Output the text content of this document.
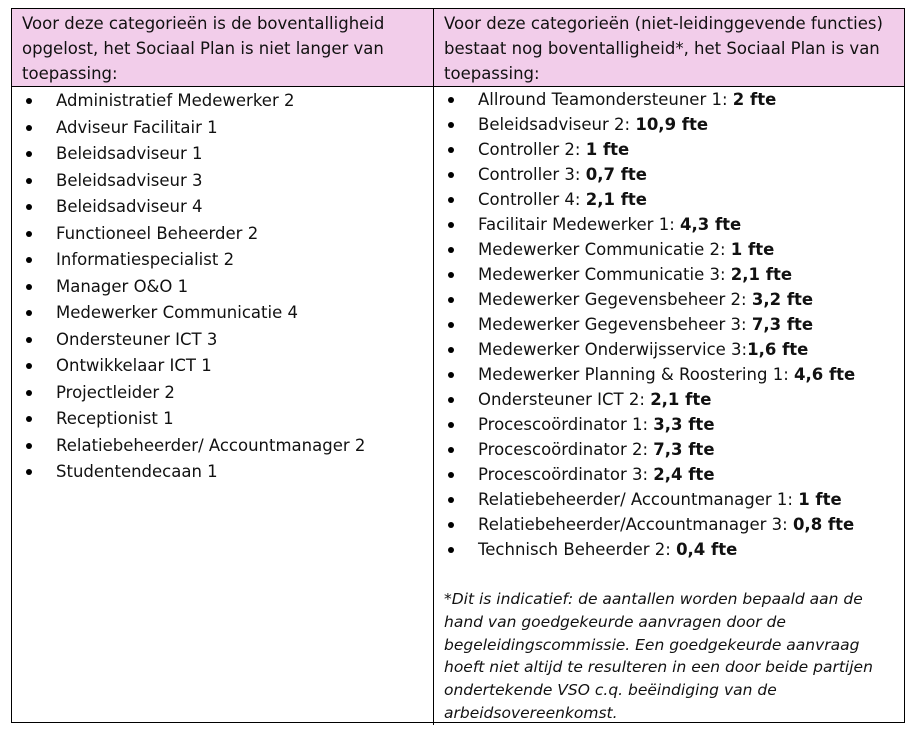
Voor deze categorieën is de boventalligheid opgelost, het Sociaal Plan is niet langer van toepassing:
Voor deze categorieën (niet-leidinggevende functies) bestaat nog boventalligheid*, het Sociaal Plan is van toepassing:
Administratief Medewerker 2
Adviseur Facilitair 1
Beleidsadviseur 1
Beleidsadviseur 3
Beleidsadviseur 4
Functioneel Beheerder 2
Informatiespecialist 2
Manager O&O 1
Medewerker Communicatie 4
Ondersteuner ICT 3
Ontwikkelaar ICT 1
Projectleider 2
Receptionist 1
Relatiebeheerder/ Accountmanager 2
Studentendecaan 1
Allround Teamondersteuner 1: 2 fte
Beleidsadviseur 2: 10,9 fte
Controller 2: 1 fte
Controller 3: 0,7 fte
Controller 4: 2,1 fte
Facilitair Medewerker 1: 4,3 fte
Medewerker Communicatie 2: 1 fte
Medewerker Communicatie 3: 2,1 fte
Medewerker Gegevensbeheer 2: 3,2 fte
Medewerker Gegevensbeheer 3: 7,3 fte
Medewerker Onderwijsservice 3:1,6 fte
Medewerker Planning & Roostering 1: 4,6 fte
Ondersteuner ICT 2: 2,1 fte
Procescoördinator 1: 3,3 fte
Procescoördinator 2: 7,3 fte
Procescoördinator 3: 2,4 fte
Relatiebeheerder/ Accountmanager 1: 1 fte
Relatiebeheerder/Accountmanager 3: 0,8 fte
Technisch Beheerder 2: 0,4 fte
*Dit is indicatief: de aantallen worden bepaald aan de hand van goedgekeurde aanvragen door de begeleidingscommissie. Een goedgekeurde aanvraag hoeft niet altijd te resulteren in een door beide partijen ondertekende VSO c.q. beëindiging van de arbeidsovereenkomst.
